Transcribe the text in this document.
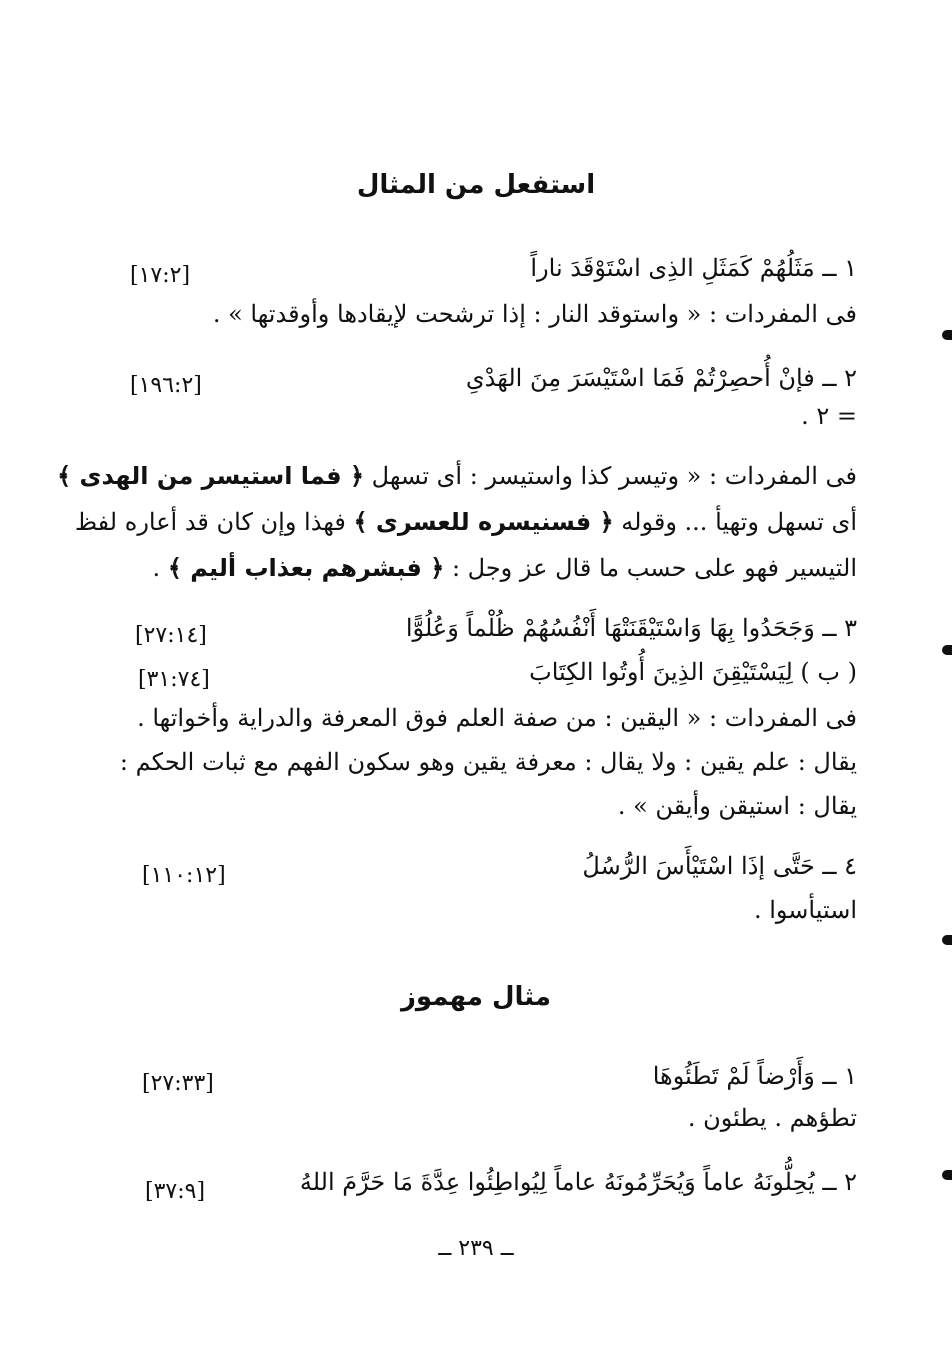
استفعل من المثال
١ ــ مَثَلُهُمْ كَمَثَلِ الذِى اسْتَوْقَدَ ناراً
[١٧:٢]
فى المفردات : « واستوقد النار : إذا ترشحت لإيقادها وأوقدتها » .
٢ ــ فإنْ أُحصِرْتُمْ فَمَا اسْتَيْسَرَ مِنَ الهَدْىِ
[١٩٦:٢]
= ٢ .
فى المفردات : « وتيسر كذا واستيسر : أى تسهل ﴿ فما استيسر من الهدى ﴾
أى تسهل وتهيأ ... وقوله ﴿ فسنيسره للعسرى ﴾ فهذا وإن كان قد أعاره لفظ
التيسير فهو على حسب ما قال عز وجل : ﴿ فبشرهم بعذاب أليم ﴾ .
٣ ــ وَجَحَدُوا بِهَا وَاسْتَيْقَنَتْهَا أَنْفُسُهُمْ ظُلْماً وَعُلُوًّا
[٢٧:١٤]
( ب ) لِيَسْتَيْقِنَ الذِينَ أُوتُوا الكِتَابَ
[٣١:٧٤]
فى المفردات : « اليقين : من صفة العلم فوق المعرفة والدراية وأخواتها .
يقال : علم يقين : ولا يقال : معرفة يقين وهو سكون الفهم مع ثبات الحكم :
يقال : استيقن وأيقن » .
٤ ــ حَتَّى إذَا اسْتَيْأَسَ الرُّسُلُ
[١١٠:١٢]
استيأسوا .
مثال مهموز
١ ــ وَأَرْضاً لَمْ تَطَئُوهَا
[٢٧:٣٣]
تطؤهم . يطئون .
٢ ــ يُحِلُّونَهُ عاماً وَيُحَرِّمُونَهُ عاماً لِيُواطِئُوا عِدَّةَ مَا حَرَّمَ اللهُ
[٣٧:٩]
ــ ٢٣٩ ــ
